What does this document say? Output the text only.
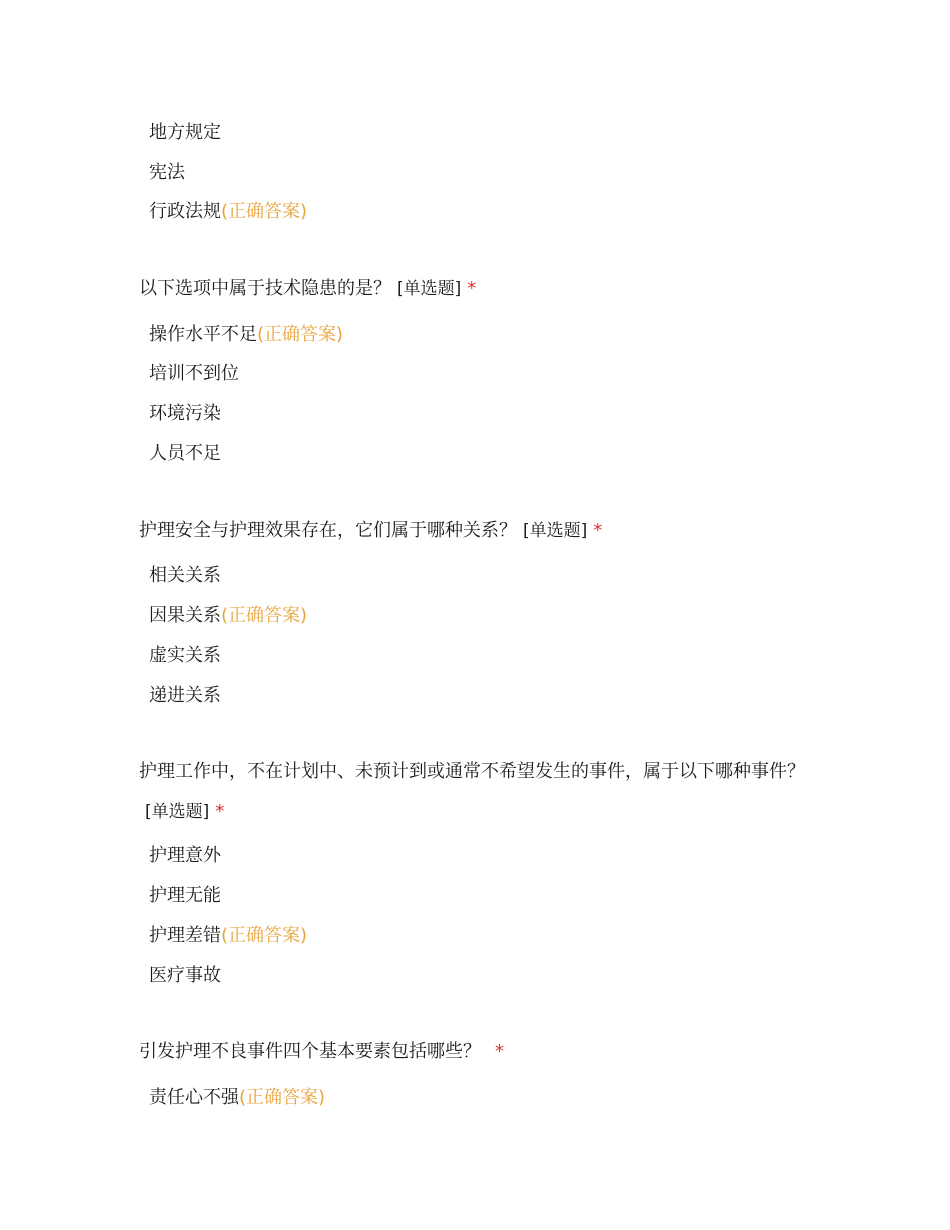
地方规定
宪法
行政法规(正确答案)
以下选项中属于技术隐患的是？ [单选题] *
操作水平不足(正确答案)
培训不到位
环境污染
人员不足
护理安全与护理效果存在，它们属于哪种关系？ [单选题] *
相关关系
因果关系(正确答案)
虚实关系
递进关系
护理工作中，不在计划中、未预计到或通常不希望发生的事件，属于以下哪种事件？[单选题] *
护理意外
护理无能
护理差错(正确答案)
医疗事故
引发护理不良事件四个基本要素包括哪些？ *
责任心不强(正确答案)
